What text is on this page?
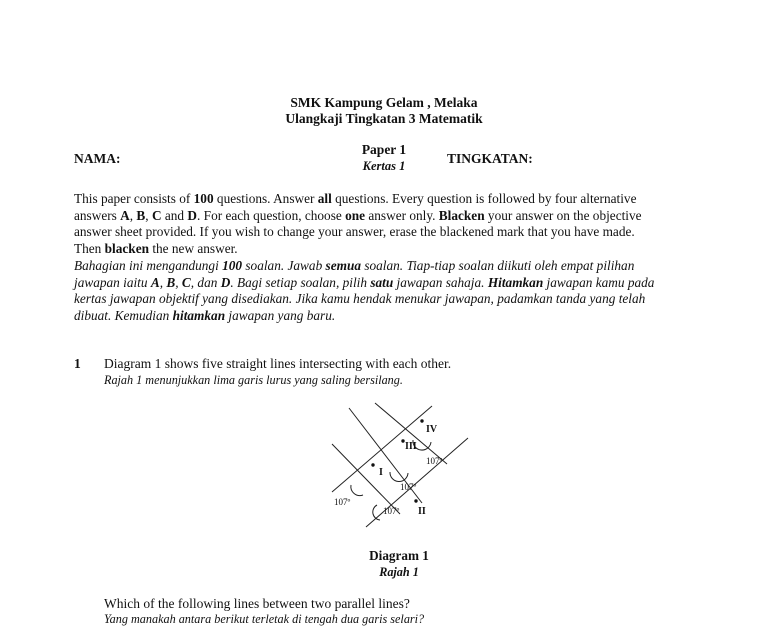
SMK Kampung Gelam , Melaka
Ulangkaji Tingkatan 3 Matematik
Paper 1
Kertas 1
NAMA:	TINGKATAN:
This paper consists of 100 questions. Answer all questions. Every question is followed by four alternative
answers A, B, C and D. For each question, choose one answer only. Blacken your answer on the objective
answer sheet provided. If you wish to change your answer, erase the blackened mark that you have made.
Then blacken the new answer.
Bahagian ini mengandungi 100 soalan. Jawab semua soalan. Tiap-tiap soalan diikuti oleh empat pilihan
jawapan iaitu A, B, C, dan D. Bagi setiap soalan, pilih satu jawapan sahaja. Hitamkan jawapan kamu pada
kertas jawapan objektif yang disediakan. Jika kamu hendak menukar jawapan, padamkan tanda yang telah
dibuat. Kemudian hitamkan jawapan yang baru.
1 Diagram 1 shows five straight lines intersecting with each other.
Rajah 1 menunjukkan lima garis lurus yang saling bersilang.
IV
III
I
II
107º
107º
107º
107º
Diagram 1
Rajah 1
Which of the following lines between two parallel lines?
Yang manakah antara berikut terletak di tengah dua garis selari?
